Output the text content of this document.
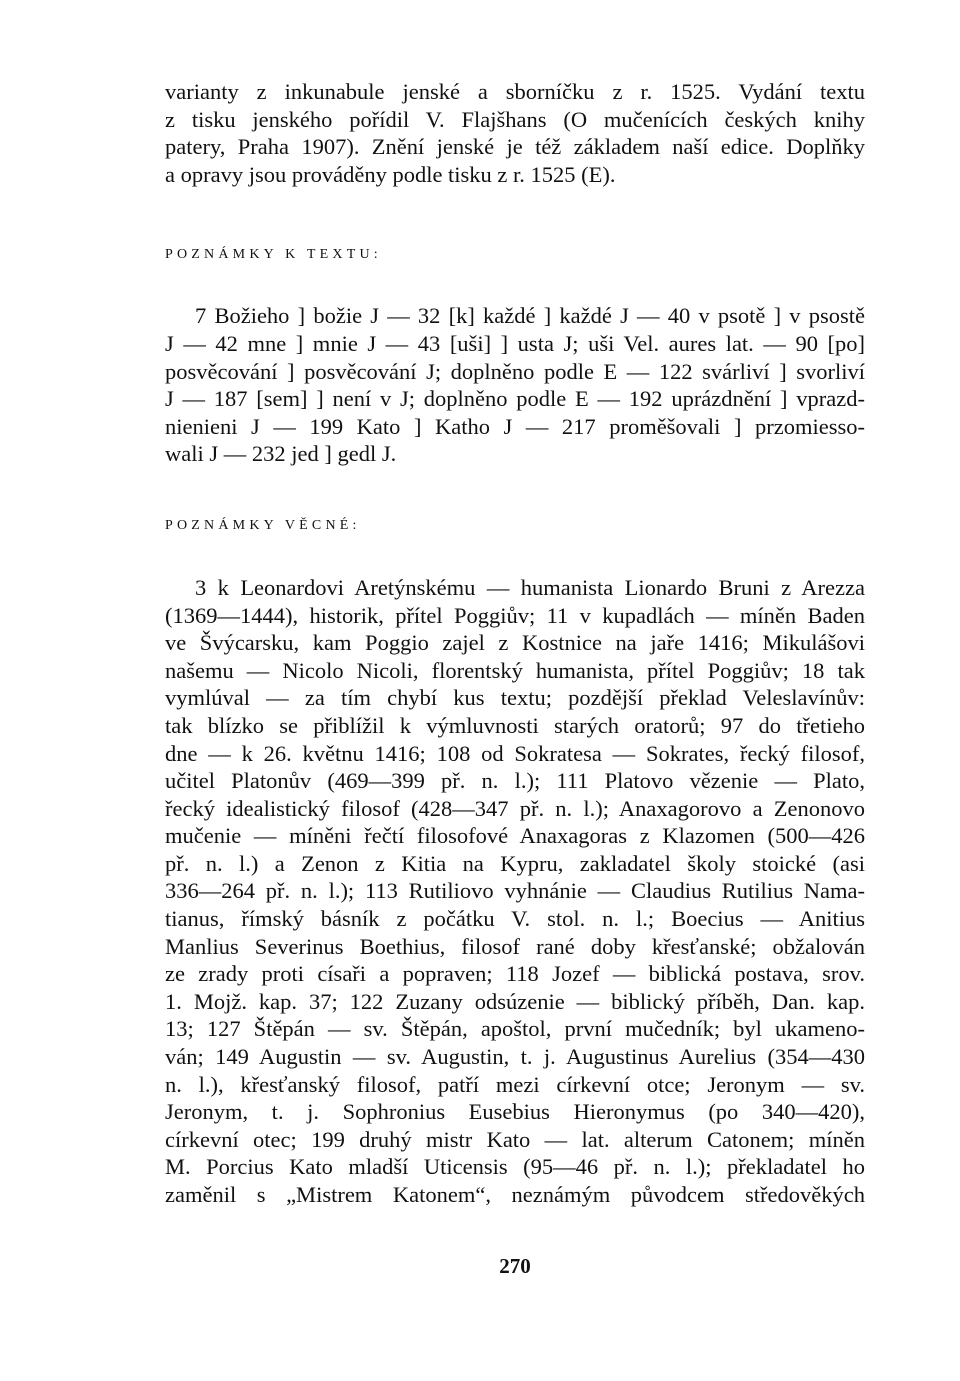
varianty z inkunabule jenské a sborníčku z r. 1525. Vydání textu
z tisku jenského pořídil V. Flajšhans (O mučenících českých knihy
patery, Praha 1907). Znění jenské je též základem naší edice. Doplňky
a opravy jsou prováděny podle tisku z r. 1525 (E).
POZNÁMKY K TEXTU:
7 Božieho ] božie J — 32 [k] každé ] každé J — 40 v psotě ] v psostě
J — 42 mne ] mnie J — 43 [uši] ] usta J; uši Vel. aures lat. — 90 [po]
posvěcování ] posvěcování J; doplněno podle E — 122 svárliví ] svorliví
J — 187 [sem] ] není v J; doplněno podle E — 192 uprázdnění ] vprazd-
nienieni J — 199 Kato ] Katho J — 217 proměšovali ] przomiesso-
wali J — 232 jed ] gedl J.
POZNÁMKY VĚCNÉ:
3 k Leonardovi Aretýnskému — humanista Lionardo Bruni z Arezza
(1369—1444), historik, přítel Poggiův; 11 v kupadlách — míněn Baden
ve Švýcarsku, kam Poggio zajel z Kostnice na jaře 1416; Mikulášovi
našemu — Nicolo Nicoli, florentský humanista, přítel Poggiův; 18 tak
vymlúval — za tím chybí kus textu; pozdější překlad Veleslavínův:
tak blízko se přiblížil k výmluvnosti starých oratorů; 97 do třetieho
dne — k 26. květnu 1416; 108 od Sokratesa — Sokrates, řecký filosof,
učitel Platonův (469—399 př. n. l.); 111 Platovo vězenie — Plato,
řecký idealistický filosof (428—347 př. n. l.); Anaxagorovo a Zenonovo
mučenie — míněni řečtí filosofové Anaxagoras z Klazomen (500—426
př. n. l.) a Zenon z Kitia na Kypru, zakladatel školy stoické (asi
336—264 př. n. l.); 113 Rutiliovo vyhnánie — Claudius Rutilius Nama-
tianus, římský básník z počátku V. stol. n. l.; Boecius — Anitius
Manlius Severinus Boethius, filosof rané doby křesťanské; obžalován
ze zrady proti císaři a popraven; 118 Jozef — biblická postava, srov.
1. Mojž. kap. 37; 122 Zuzany odsúzenie — biblický příběh, Dan. kap.
13; 127 Štěpán — sv. Štěpán, apoštol, první mučedník; byl ukameno-
ván; 149 Augustin — sv. Augustin, t. j. Augustinus Aurelius (354—430
n. l.), křesťanský filosof, patří mezi církevní otce; Jeronym — sv.
Jeronym, t. j. Sophronius Eusebius Hieronymus (po 340—420),
církevní otec; 199 druhý mistr Kato — lat. alterum Catonem; míněn
M. Porcius Kato mladší Uticensis (95—46 př. n. l.); překladatel ho
zaměnil s „Mistrem Katonem“, neznámým původcem středověkých
270
